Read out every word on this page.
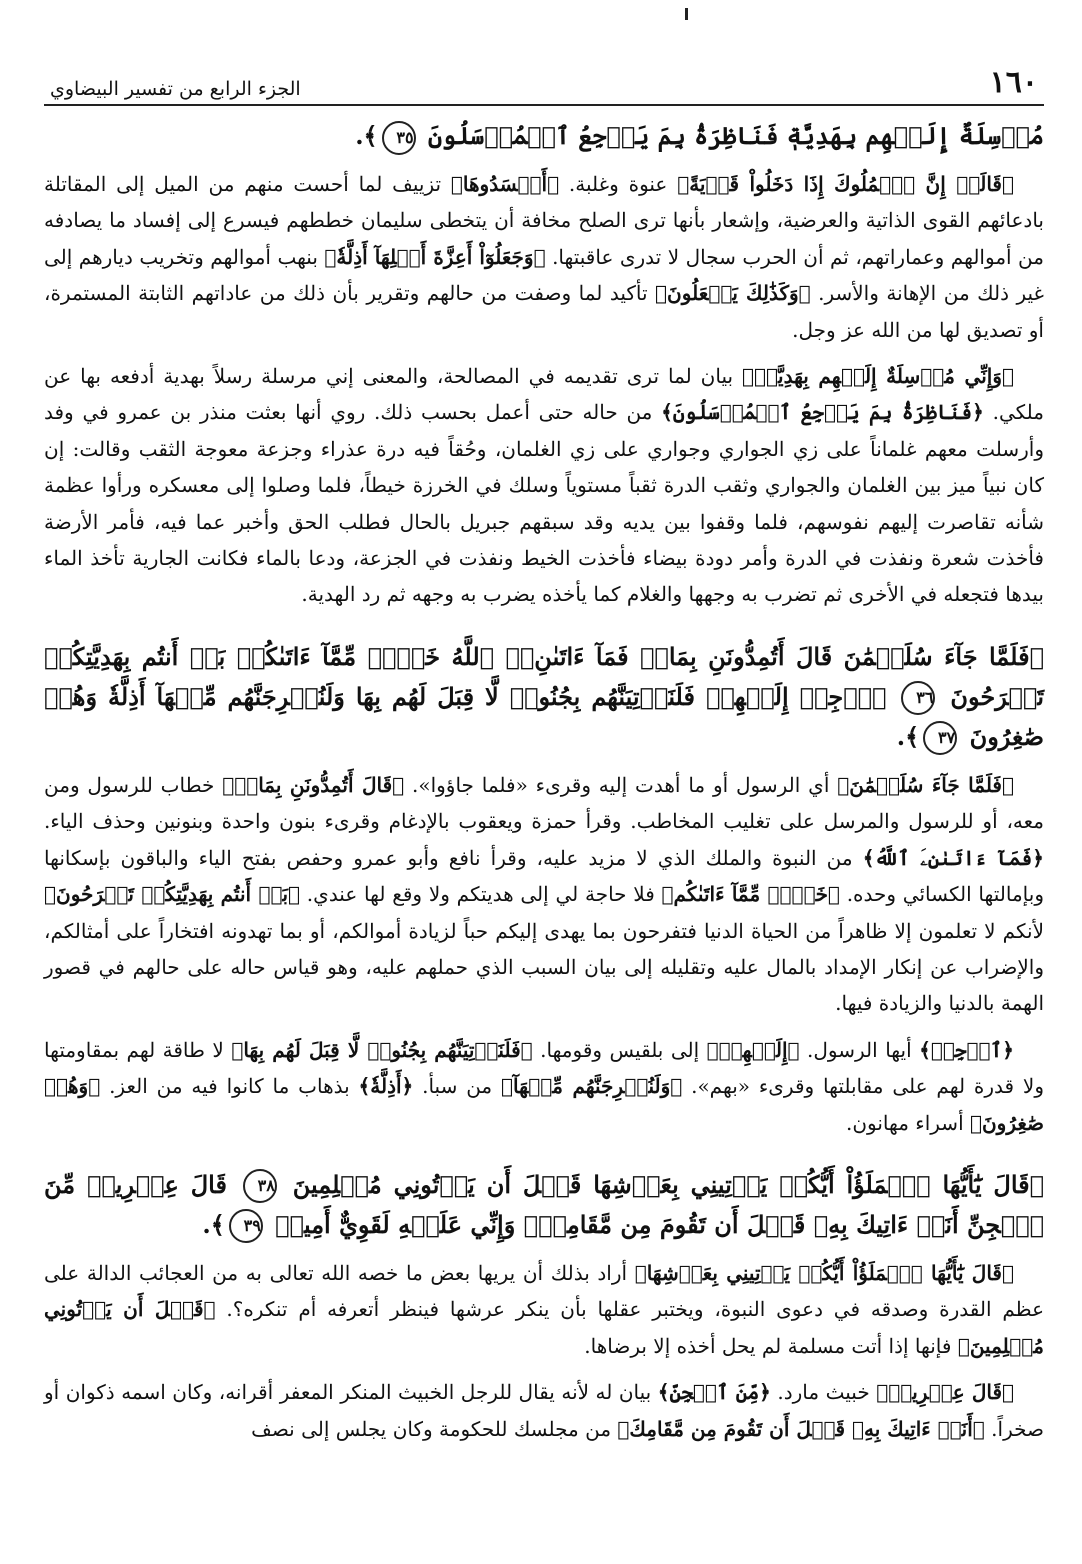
١٦٠
الجزء الرابع من تفسير البيضاوي
مُرۡسِلَةٌ إِلَيۡهِم بِهَدِيَّةٖ فَنَاظِرَةُۢ بِمَ يَرۡجِعُ ٱلۡمُرۡسَلُونَ ٣٥﴾.

﴿قَالَتۡ إِنَّ ٱلۡمُلُوكَ إِذَا دَخَلُواْ قَرۡيَةً﴾ عنوة وغلبة. ﴿أَفۡسَدُوهَا﴾ تزييف لما أحست منهم من الميل إلى المقاتلة بادعائهم القوى الذاتية والعرضية، وإشعار بأنها ترى الصلح مخافة أن يتخطى سليمان خططهم فيسرع إلى إفساد ما يصادفه من أموالهم وعماراتهم، ثم أن الحرب سجال لا تدرى عاقبتها. ﴿وَجَعَلُوٓاْ أَعِزَّةَ أَهۡلِهَآ أَذِلَّةٗ﴾ بنهب أموالهم وتخريب ديارهم إلى غير ذلك من الإهانة والأسر. ﴿وَكَذَٰلِكَ يَفۡعَلُونَ﴾ تأكيد لما وصفت من حالهم وتقرير بأن ذلك من عاداتهم الثابتة المستمرة، أو تصديق لها من الله عز وجل.

﴿وَإِنِّي مُرۡسِلَةٌ إِلَيۡهِم بِهَدِيَّةٖ﴾ بيان لما ترى تقديمه في المصالحة، والمعنى إني مرسلة رسلاً بهدية أدفعه بها عن ملكي. ﴿فَنَاظِرَةُۢ بِمَ يَرۡجِعُ ٱلۡمُرۡسَلُونَ﴾ من حاله حتى أعمل بحسب ذلك. روي أنها بعثت منذر بن عمرو في وفد وأرسلت معهم غلماناً على زي الجواري وجواري على زي الغلمان، وحُقاً فيه درة عذراء وجزعة معوجة الثقب وقالت: إن كان نبياً ميز بين الغلمان والجواري وثقب الدرة ثقباً مستوياً وسلك في الخرزة خيطاً، فلما وصلوا إلى معسكره ورأوا عظمة شأنه تقاصرت إليهم نفوسهم، فلما وقفوا بين يديه وقد سبقهم جبريل بالحال فطلب الحق وأخبر عما فيه، فأمر الأرضة فأخذت شعرة ونفذت في الدرة وأمر دودة بيضاء فأخذت الخيط ونفذت في الجزعة، ودعا بالماء فكانت الجارية تأخذ الماء بيدها فتجعله في الأخرى ثم تضرب به وجهها والغلام كما يأخذه يضرب به وجهه ثم رد الهدية.

﴿فَلَمَّا جَآءَ سُلَيۡمَٰنَ قَالَ أَتُمِدُّونَنِ بِمَالٖ فَمَآ ءَاتَىٰنِۦَ ٱللَّهُ خَيۡرٞ مِّمَّآ ءَاتَىٰكُمۚ بَلۡ أَنتُم بِهَدِيَّتِكُمۡ تَفۡرَحُونَ ٣٦ ٱرۡجِعۡ إِلَيۡهِمۡ فَلَنَأۡتِيَنَّهُم بِجُنُودٖ لَّا قِبَلَ لَهُم بِهَا وَلَنُخۡرِجَنَّهُم مِّنۡهَآ أَذِلَّةٗ وَهُمۡ صَٰغِرُونَ ٣٧﴾.

﴿فَلَمَّا جَآءَ سُلَيۡمَٰنَ﴾ أي الرسول أو ما أهدت إليه وقرىء «فلما جاؤوا». ﴿قَالَ أَتُمِدُّونَنِ بِمَالٖ﴾ خطاب للرسول ومن معه، أو للرسول والمرسل على تغليب المخاطب. وقرأ حمزة ويعقوب بالإدغام وقرىء بنون واحدة وبنونين وحذف الياء. ﴿فَمَآ ءَاتَىٰنِۦَ ٱللَّهُ﴾ من النبوة والملك الذي لا مزيد عليه، وقرأ نافع وأبو عمرو وحفص بفتح الياء والباقون بإسكانها وبإمالتها الكسائي وحده. ﴿خَيۡرٞ مِّمَّآ ءَاتَىٰكُم﴾ فلا حاجة لي إلى هديتكم ولا وقع لها عندي. ﴿بَلۡ أَنتُم بِهَدِيَّتِكُمۡ تَفۡرَحُونَ﴾ لأنكم لا تعلمون إلا ظاهراً من الحياة الدنيا فتفرحون بما يهدى إليكم حباً لزيادة أموالكم، أو بما تهدونه افتخاراً على أمثالكم، والإضراب عن إنكار الإمداد بالمال عليه وتقليله إلى بيان السبب الذي حملهم عليه، وهو قياس حاله على حالهم في قصور الهمة بالدنيا والزيادة فيها.

﴿ٱرۡجِعۡ﴾ أيها الرسول. ﴿إِلَيۡهِمۡ﴾ إلى بلقيس وقومها. ﴿فَلَنَأۡتِيَنَّهُم بِجُنُودٖ لَّا قِبَلَ لَهُم بِهَا﴾ لا طاقة لهم بمقاومتها ولا قدرة لهم على مقابلتها وقرىء «بهم». ﴿وَلَنُخۡرِجَنَّهُم مِّنۡهَآ﴾ من سبأ. ﴿أَذِلَّةٗ﴾ بذهاب ما كانوا فيه من العز. ﴿وَهُمۡ صَٰغِرُونَ﴾ أسراء مهانون.

﴿قَالَ يَٰٓأَيُّهَا ٱلۡمَلَؤُاْ أَيُّكُمۡ يَأۡتِينِي بِعَرۡشِهَا قَبۡلَ أَن يَأۡتُونِي مُسۡلِمِينَ ٣٨ قَالَ عِفۡرِيتٞ مِّنَ ٱلۡجِنِّ أَنَا۠ ءَاتِيكَ بِهِۦ قَبۡلَ أَن تَقُومَ مِن مَّقَامِكَۖ وَإِنِّي عَلَيۡهِ لَقَوِيٌّ أَمِينٞ ٣٩﴾.

﴿قَالَ يَٰٓأَيُّهَا ٱلۡمَلَؤُاْ أَيُّكُمۡ يَأۡتِينِي بِعَرۡشِهَا﴾ أراد بذلك أن يريها بعض ما خصه الله تعالى به من العجائب الدالة على عظم القدرة وصدقه في دعوى النبوة، ويختبر عقلها بأن ينكر عرشها فينظر أتعرفه أم تنكره؟. ﴿قَبۡلَ أَن يَأۡتُونِي مُسۡلِمِينَ﴾ فإنها إذا أتت مسلمة لم يحل أخذه إلا برضاها.

﴿قَالَ عِفۡرِيتٞ﴾ خبيث مارد. ﴿مِّنَ ٱلۡجِنِّ﴾ بيان له لأنه يقال للرجل الخبيث المنكر المعفر أقرانه، وكان اسمه ذكوان أو صخراً. ﴿أَنَا۠ ءَاتِيكَ بِهِۦ قَبۡلَ أَن تَقُومَ مِن مَّقَامِكَ﴾ من مجلسك للحكومة وكان يجلس إلى نصف
